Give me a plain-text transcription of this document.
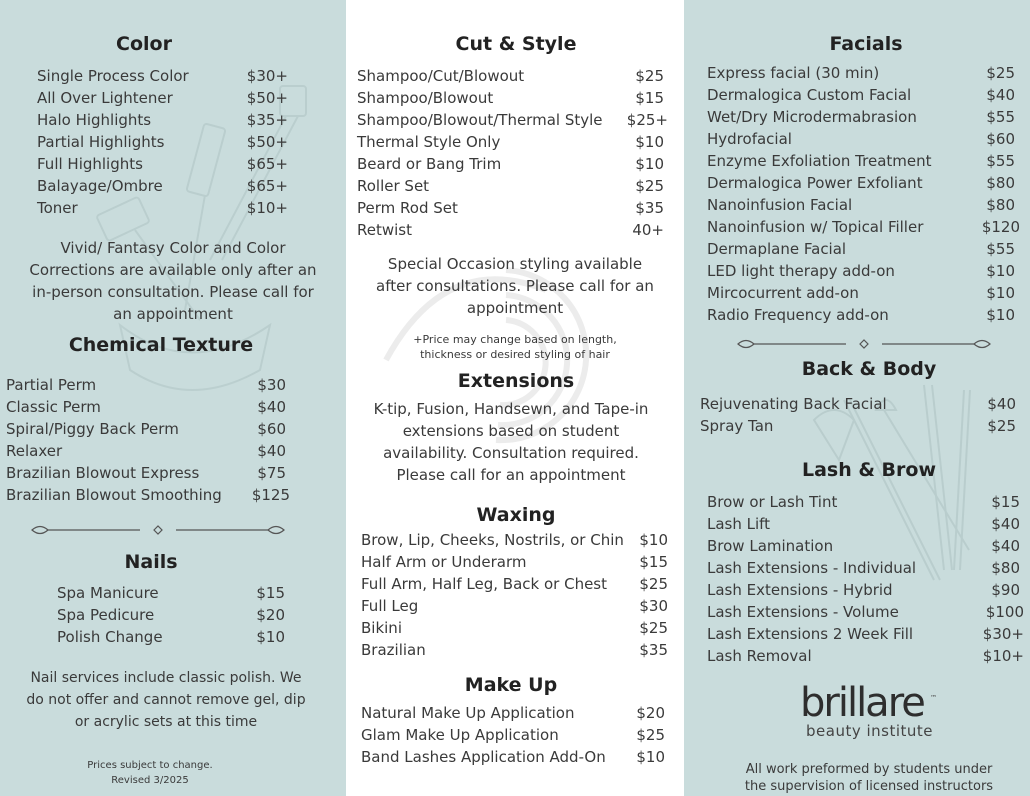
Color
Single Process Color	$30+
All Over Lightener	$50+
Halo Highlights	$35+
Partial Highlights	$50+
Full Highlights	$65+
Balayage/Ombre	$65+
Toner	$10+
Vivid/ Fantasy Color and Color Corrections are available only after an in-person consultation. Please call for an appointment
Chemical Texture
Partial Perm	$30
Classic Perm	$40
Spiral/Piggy Back Perm	$60
Relaxer	$40
Brazilian Blowout Express	$75
Brazilian Blowout Smoothing $125
Nails
Spa Manicure	$15
Spa Pedicure	$20
Polish Change	$10
Nail services include classic polish. We do not offer and cannot remove gel, dip or acrylic sets at this time
Prices subject to change.
Revised 3/2025
Cut & Style
Shampoo/Cut/Blowout	$25
Shampoo/Blowout	$15
Shampoo/Blowout/Thermal Style $25+
Thermal Style Only	$10
Beard or Bang Trim	$10
Roller Set	$25
Perm Rod Set	$35
Retwist	40+
Special Occasion styling available after consultations. Please call for an appointment
+Price may change based on length, thickness or desired styling of hair
Extensions
K-tip, Fusion, Handsewn, and Tape-in extensions based on student availability. Consultation required. Please call for an appointment
Waxing
Brow, Lip, Cheeks, Nostrils, or Chin $10
Half Arm or Underarm	$15
Full Arm, Half Leg, Back or Chest $25
Full Leg	$30
Bikini	$25
Brazilian	$35
Make Up
Natural Make Up Application	$20
Glam Make Up Application	$25
Band Lashes Application Add-On $10
Facials
Express facial (30 min)	$25
Dermalogica Custom Facial	$40
Wet/Dry Microdermabrasion	$55
Hydrofacial	$60
Enzyme Exfoliation Treatment	$55
Dermalogica Power Exfoliant	$80
Nanoinfusion Facial	$80
Nanoinfusion w/ Topical Filler	$120
Dermaplane Facial	$55
LED light therapy add-on	$10
Mircocurrent add-on	$10
Radio Frequency add-on	$10
Back & Body
Rejuvenating Back Facial	$40
Spray Tan	$25
Lash & Brow
Brow or Lash Tint	$15
Lash Lift	$40
Brow Lamination	$40
Lash Extensions - Individual	$80
Lash Extensions - Hybrid	$90
Lash Extensions - Volume	$100
Lash Extensions 2 Week Fill	$30+
Lash Removal	$10+
brillare ™
beauty institute
All work preformed by students under
the supervision of licensed instructors
